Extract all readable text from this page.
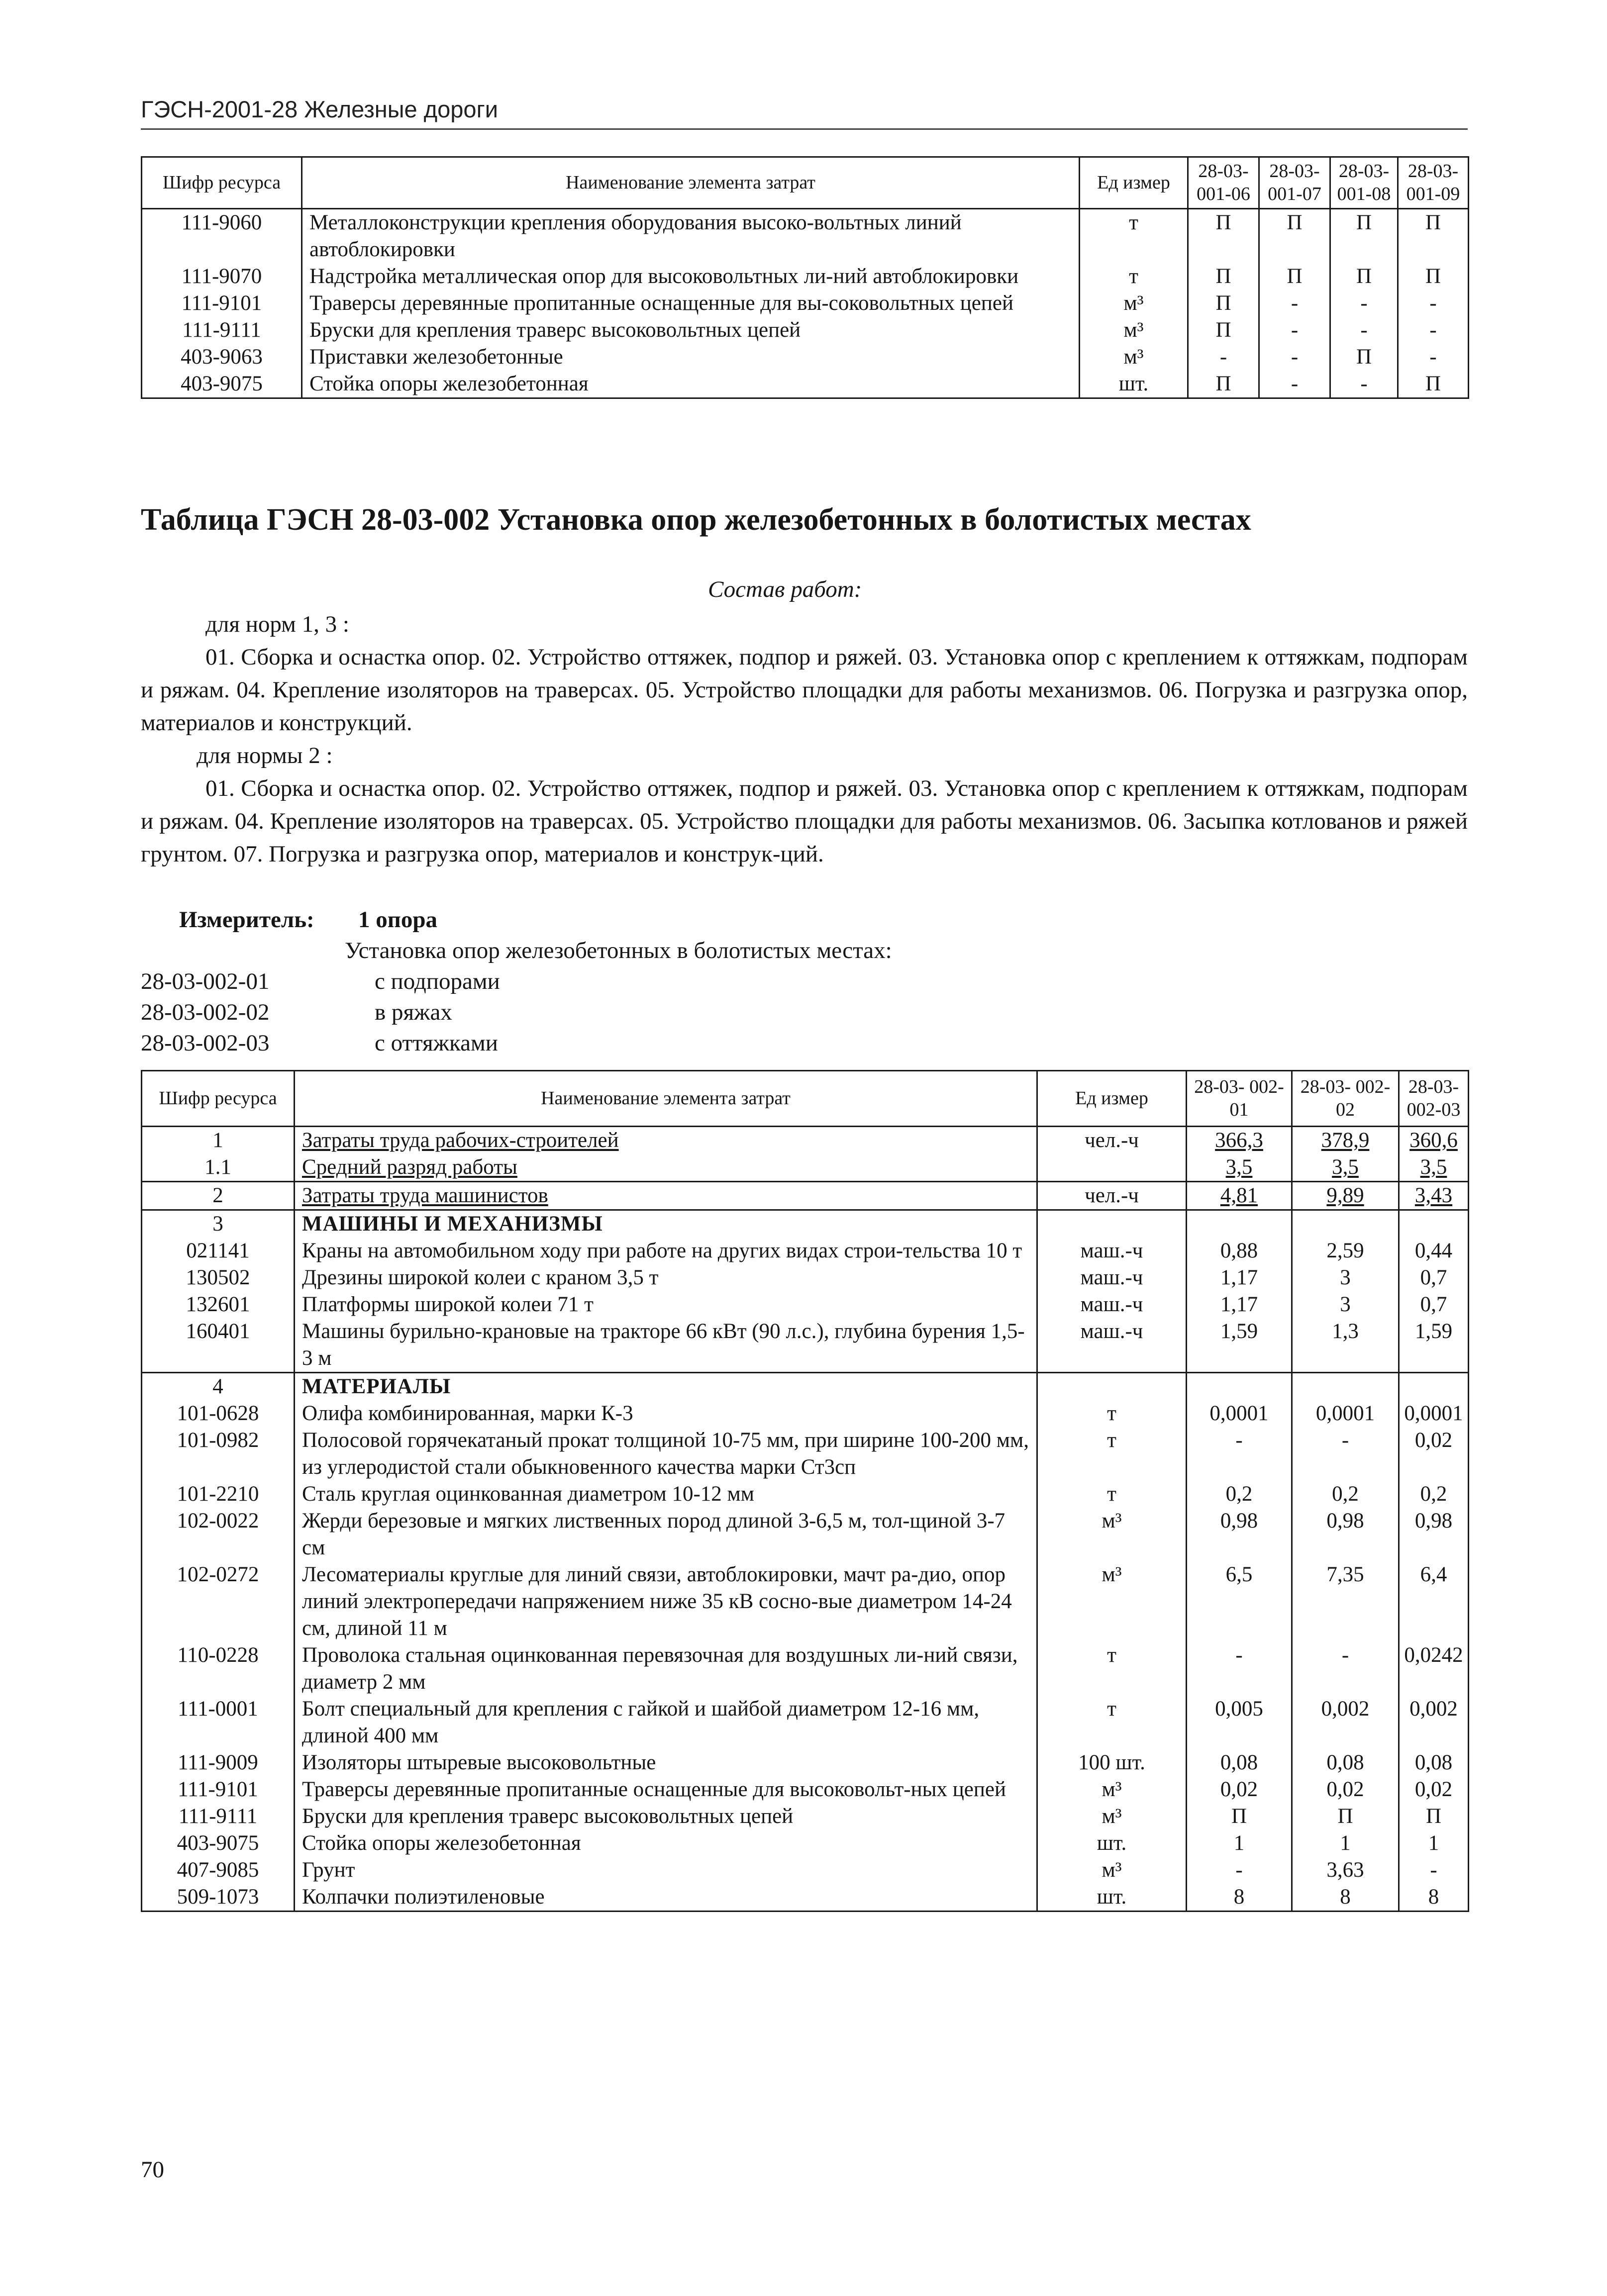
ГЭСН-2001-28 Железные дороги
Шифр ресурса	Наименование элемента затрат	Ед измер	28-03- 001-06	28-03- 001-07	28-03- 001-08	28-03- 001-09
111-9060	Металлоконструкции крепления оборудования высоко-вольтных линий автоблокировки	т	П	П	П	П
111-9070	Надстройка металлическая опор для высоковольтных ли-ний автоблокировки	т	П	П	П	П
111-9101	Траверсы деревянные пропитанные оснащенные для вы-соковольтных цепей	м³	П	-	-	-
111-9111	Бруски для крепления траверс высоковольтных цепей	м³	П	-	-	-
403-9063	Приставки железобетонные	м³	-	-	П	-
403-9075	Стойка опоры железобетонная	шт.	П	-	-	П
Таблица ГЭСН 28-03-002 Установка опор железобетонных в болотистых местах
Состав работ:
для норм 1, 3 :
01. Сборка и оснастка опор. 02. Устройство оттяжек, подпор и ряжей. 03. Установка опор с креплением к оттяжкам, подпорам и ряжам. 04. Крепление изоляторов на траверсах. 05. Устройство площадки для работы механизмов. 06. Погрузка и разгрузка опор, материалов и конструкций.
для нормы 2 :
01. Сборка и оснастка опор. 02. Устройство оттяжек, подпор и ряжей. 03. Установка опор с креплением к оттяжкам, подпорам и ряжам. 04. Крепление изоляторов на траверсах. 05. Устройство площадки для работы механизмов. 06. Засыпка котлованов и ряжей грунтом. 07. Погрузка и разгрузка опор, материалов и конструк-ций.
Измеритель: 1 опора
Установка опор железобетонных в болотистых местах:
28-03-002-01	с подпорами
28-03-002-02	в ряжах
28-03-002-03	с оттяжками
Шифр ресурса	Наименование элемента затрат	Ед измер	28-03- 002-01	28-03- 002-02	28-03- 002-03
1	Затраты труда рабочих-строителей	чел.-ч	366,3	378,9	360,6
1.1	Средний разряд работы		3,5	3,5	3,5
2	Затраты труда машинистов	чел.-ч	4,81	9,89	3,43
3	МАШИНЫ И МЕХАНИЗМЫ				
021141	Краны на автомобильном ходу при работе на других видах строи-тельства 10 т	маш.-ч	0,88	2,59	0,44
130502	Дрезины широкой колеи с краном 3,5 т	маш.-ч	1,17	3	0,7
132601	Платформы широкой колеи 71 т	маш.-ч	1,17	3	0,7
160401	Машины бурильно-крановые на тракторе 66 кВт (90 л.с.), глубина бурения 1,5-3 м	маш.-ч	1,59	1,3	1,59
4	МАТЕРИАЛЫ				
101-0628	Олифа комбинированная, марки К-3	т	0,0001	0,0001	0,0001
101-0982	Полосовой горячекатаный прокат толщиной 10-75 мм, при ширине 100-200 мм, из углеродистой стали обыкновенного качества марки Ст3сп	т	-	-	0,02
101-2210	Сталь круглая оцинкованная диаметром 10-12 мм	т	0,2	0,2	0,2
102-0022	Жерди березовые и мягких лиственных пород длиной 3-6,5 м, тол-щиной 3-7 см	м³	0,98	0,98	0,98
102-0272	Лесоматериалы круглые для линий связи, автоблокировки, мачт ра-дио, опор линий электропередачи напряжением ниже 35 кВ сосно-вые диаметром 14-24 см, длиной 11 м	м³	6,5	7,35	6,4
110-0228	Проволока стальная оцинкованная перевязочная для воздушных ли-ний связи, диаметр 2 мм	т	-	-	0,0242
111-0001	Болт специальный для крепления с гайкой и шайбой диаметром 12-16 мм, длиной 400 мм	т	0,005	0,002	0,002
111-9009	Изоляторы штыревые высоковольтные	100 шт.	0,08	0,08	0,08
111-9101	Траверсы деревянные пропитанные оснащенные для высоковольт-ных цепей	м³	0,02	0,02	0,02
111-9111	Бруски для крепления траверс высоковольтных цепей	м³	П	П	П
403-9075	Стойка опоры железобетонная	шт.	1	1	1
407-9085	Грунт	м³	-	3,63	-
509-1073	Колпачки полиэтиленовые	шт.	8	8	8
70
